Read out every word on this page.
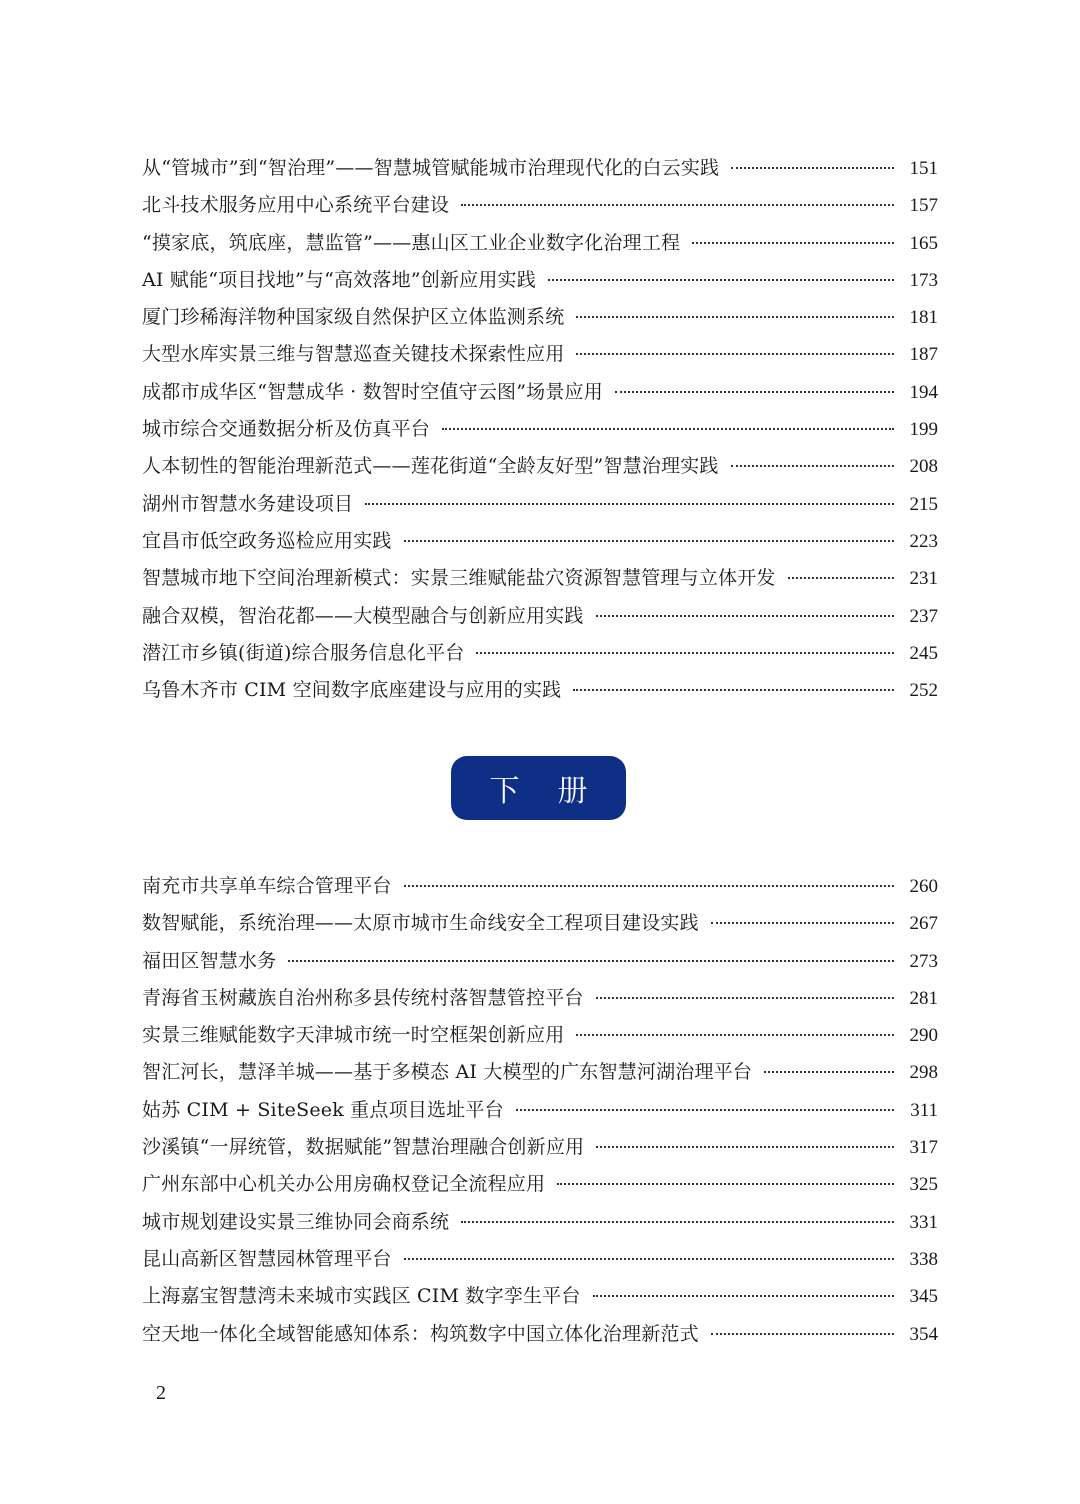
从“管城市”到“智治理”——智慧城管赋能城市治理现代化的白云实践	151
北斗技术服务应用中心系统平台建设	157
“摸家底，筑底座，慧监管”——惠山区工业企业数字化治理工程	165
AI 赋能“项目找地”与“高效落地”创新应用实践	173
厦门珍稀海洋物种国家级自然保护区立体监测系统	181
大型水库实景三维与智慧巡查关键技术探索性应用	187
成都市成华区“智慧成华 · 数智时空值守云图”场景应用	194
城市综合交通数据分析及仿真平台	199
人本韧性的智能治理新范式——莲花街道“全龄友好型”智慧治理实践	208
湖州市智慧水务建设项目	215
宜昌市低空政务巡检应用实践	223
智慧城市地下空间治理新模式：实景三维赋能盐穴资源智慧管理与立体开发	231
融合双模，智治花都——大模型融合与创新应用实践	237
潜江市乡镇(街道)综合服务信息化平台	245
乌鲁木齐市 CIM 空间数字底座建设与应用的实践	252
下册
南充市共享单车综合管理平台	260
数智赋能，系统治理——太原市城市生命线安全工程项目建设实践	267
福田区智慧水务	273
青海省玉树藏族自治州称多县传统村落智慧管控平台	281
实景三维赋能数字天津城市统一时空框架创新应用	290
智汇河长，慧泽羊城——基于多模态 AI 大模型的广东智慧河湖治理平台	298
姑苏 CIM + SiteSeek 重点项目选址平台	311
沙溪镇“一屏统管，数据赋能”智慧治理融合创新应用	317
广州东部中心机关办公用房确权登记全流程应用	325
城市规划建设实景三维协同会商系统	331
昆山高新区智慧园林管理平台	338
上海嘉宝智慧湾未来城市实践区 CIM 数字孪生平台	345
空天地一体化全域智能感知体系：构筑数字中国立体化治理新范式	354
2
